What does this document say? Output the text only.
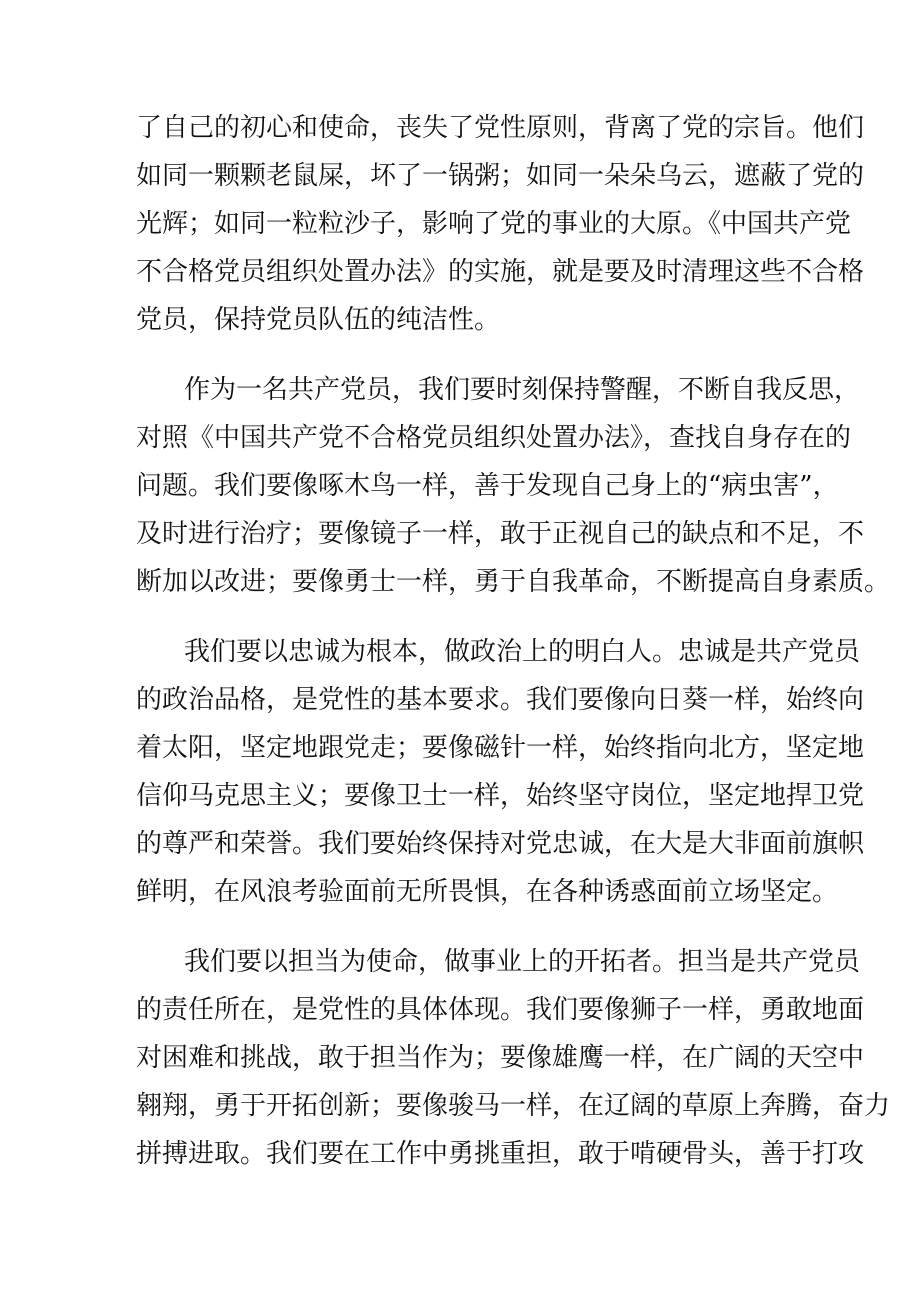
了自己的初心和使命，丧失了党性原则，背离了党的宗旨。他们
如同一颗颗老鼠屎，坏了一锅粥；如同一朵朵乌云，遮蔽了党的
光辉；如同一粒粒沙子，影响了党的事业的大原。《中国共产党
不合格党员组织处置办法》的实施，就是要及时清理这些不合格
党员，保持党员队伍的纯洁性。

作为一名共产党员，我们要时刻保持警醒，不断自我反思，
对照《中国共产党不合格党员组织处置办法》，查找自身存在的
问题。我们要像啄木鸟一样，善于发现自己身上的“病虫害”，
及时进行治疗；要像镜子一样，敢于正视自己的缺点和不足，不
断加以改进；要像勇士一样，勇于自我革命，不断提高自身素质。

我们要以忠诚为根本，做政治上的明白人。忠诚是共产党员
的政治品格，是党性的基本要求。我们要像向日葵一样，始终向
着太阳，坚定地跟党走；要像磁针一样，始终指向北方，坚定地
信仰马克思主义；要像卫士一样，始终坚守岗位，坚定地捍卫党
的尊严和荣誉。我们要始终保持对党忠诚，在大是大非面前旗帜
鲜明，在风浪考验面前无所畏惧，在各种诱惑面前立场坚定。

我们要以担当为使命，做事业上的开拓者。担当是共产党员
的责任所在，是党性的具体体现。我们要像狮子一样，勇敢地面
对困难和挑战，敢于担当作为；要像雄鹰一样，在广阔的天空中
翱翔，勇于开拓创新；要像骏马一样，在辽阔的草原上奔腾，奋力
拼搏进取。我们要在工作中勇挑重担，敢于啃硬骨头，善于打攻
